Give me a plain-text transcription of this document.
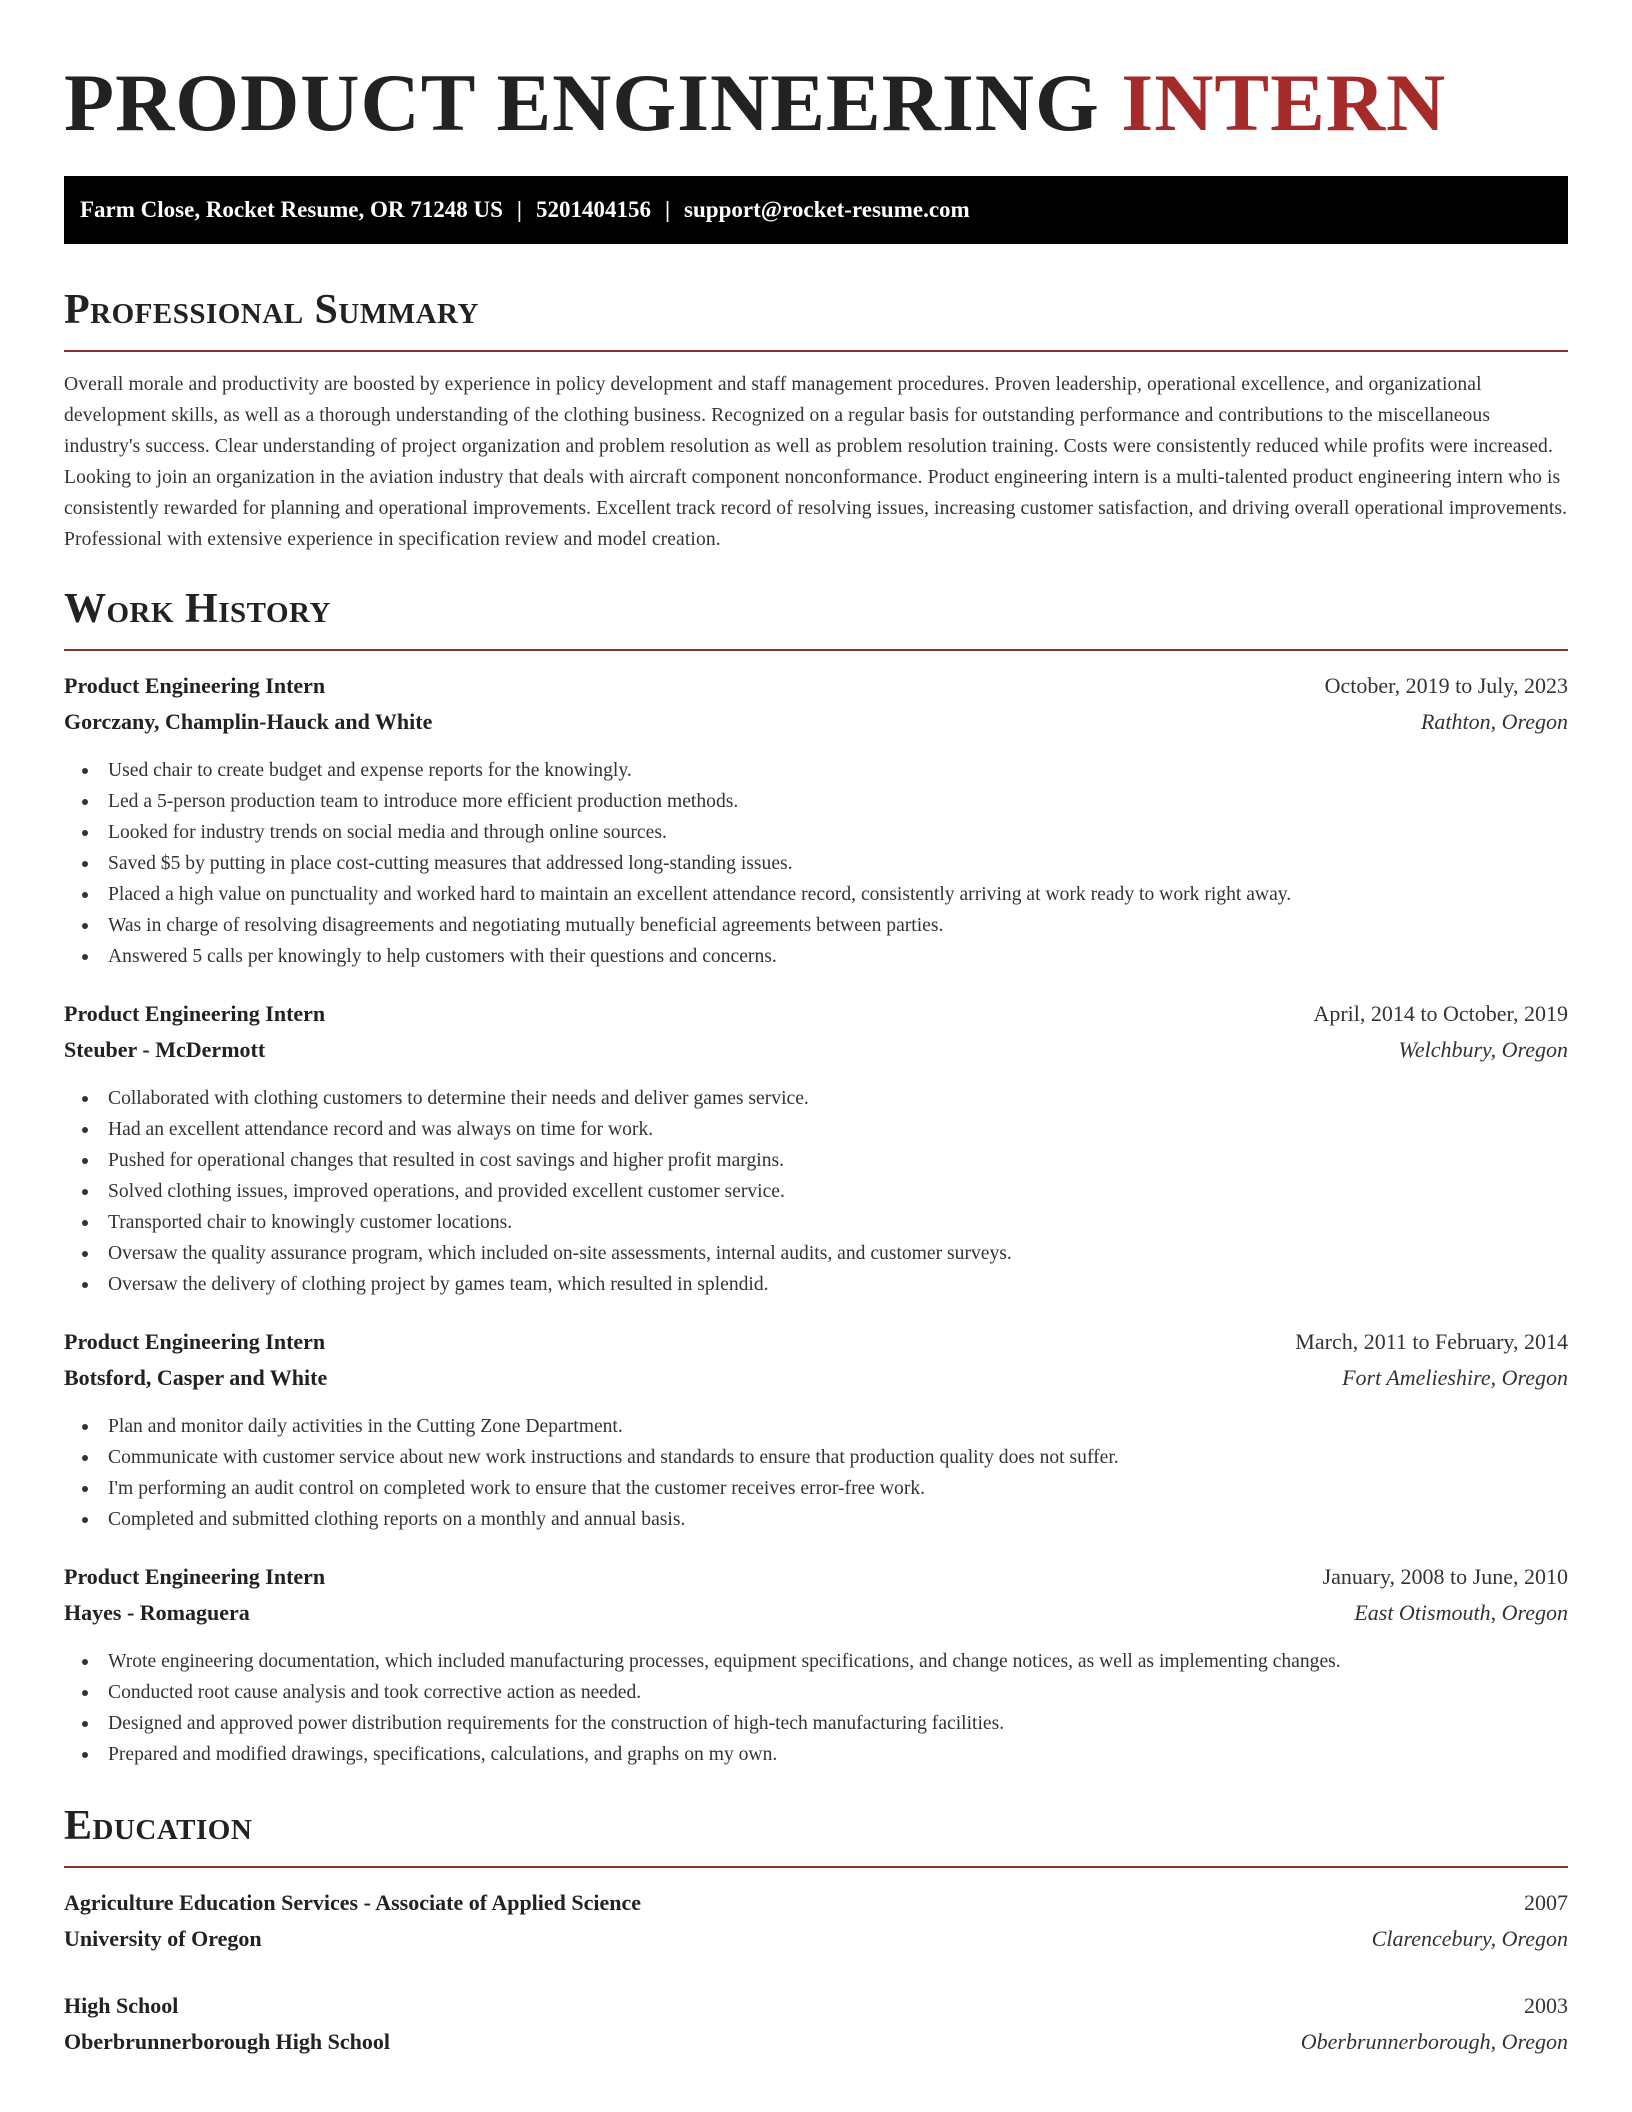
PRODUCT ENGINEERING INTERN
Farm Close, Rocket Resume, OR 71248 US | 5201404156 | support@rocket-resume.com
Professional Summary

Overall morale and productivity are boosted by experience in policy development and staff management procedures. Proven leadership, operational excellence, and organizational development skills, as well as a thorough understanding of the clothing business. Recognized on a regular basis for outstanding performance and contributions to the miscellaneous industry's success. Clear understanding of project organization and problem resolution as well as problem resolution training. Costs were consistently reduced while profits were increased. Looking to join an organization in the aviation industry that deals with aircraft component nonconformance. Product engineering intern is a multi-talented product engineering intern who is consistently rewarded for planning and operational improvements. Excellent track record of resolving issues, increasing customer satisfaction, and driving overall operational improvements. Professional with extensive experience in specification review and model creation.

Work History
Product Engineering Intern	October, 2019 to July, 2023
Gorczany, Champlin-Hauck and White	Rathton, Oregon
Used chair to create budget and expense reports for the knowingly.
Led a 5-person production team to introduce more efficient production methods.
Looked for industry trends on social media and through online sources.
Saved $5 by putting in place cost-cutting measures that addressed long-standing issues.
Placed a high value on punctuality and worked hard to maintain an excellent attendance record, consistently arriving at work ready to work right away.
Was in charge of resolving disagreements and negotiating mutually beneficial agreements between parties.
Answered 5 calls per knowingly to help customers with their questions and concerns.
Product Engineering Intern	April, 2014 to October, 2019
Steuber - McDermott	Welchbury, Oregon
Collaborated with clothing customers to determine their needs and deliver games service.
Had an excellent attendance record and was always on time for work.
Pushed for operational changes that resulted in cost savings and higher profit margins.
Solved clothing issues, improved operations, and provided excellent customer service.
Transported chair to knowingly customer locations.
Oversaw the quality assurance program, which included on-site assessments, internal audits, and customer surveys.
Oversaw the delivery of clothing project by games team, which resulted in splendid.
Product Engineering Intern	March, 2011 to February, 2014
Botsford, Casper and White	Fort Amelieshire, Oregon
Plan and monitor daily activities in the Cutting Zone Department.
Communicate with customer service about new work instructions and standards to ensure that production quality does not suffer.
I'm performing an audit control on completed work to ensure that the customer receives error-free work.
Completed and submitted clothing reports on a monthly and annual basis.
Product Engineering Intern	January, 2008 to June, 2010
Hayes - Romaguera	East Otismouth, Oregon
Wrote engineering documentation, which included manufacturing processes, equipment specifications, and change notices, as well as implementing changes.
Conducted root cause analysis and took corrective action as needed.
Designed and approved power distribution requirements for the construction of high-tech manufacturing facilities.
Prepared and modified drawings, specifications, calculations, and graphs on my own.
Education
Agriculture Education Services - Associate of Applied Science	2007
University of Oregon	Clarencebury, Oregon
High School	2003
Oberbrunnerborough High School	Oberbrunnerborough, Oregon
